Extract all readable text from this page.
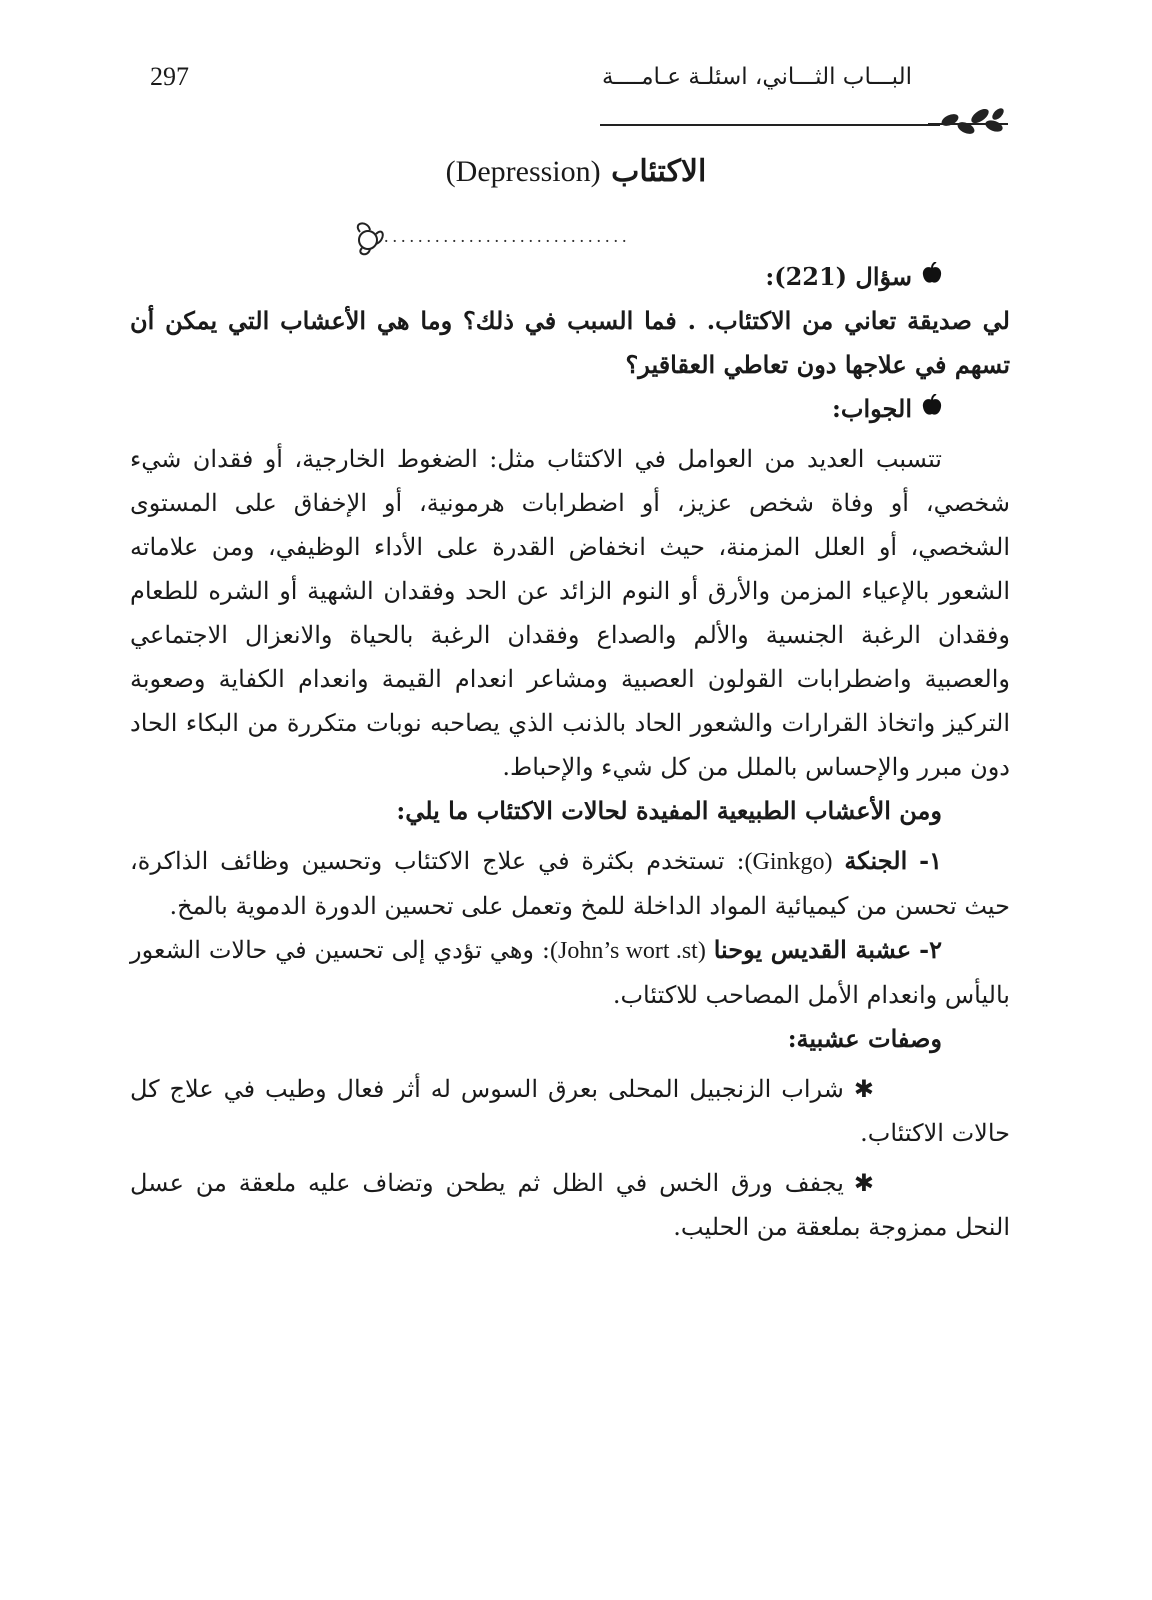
297	البـــاب الثـــاني، اسئلـة عـامــــة
الاكتئاب (Depression)
.............................

سؤال (221):

لي صديقة تعاني من الاكتئاب. . فما السبب في ذلك؟ وما هي الأعشاب التي يمكن أن تسهم في علاجها دون تعاطي العقاقير؟

الجواب:

تتسبب العديد من العوامل في الاكتئاب مثل: الضغوط الخارجية، أو فقدان شيء شخصي، أو وفاة شخص عزيز، أو اضطرابات هرمونية، أو الإخفاق على المستوى الشخصي، أو العلل المزمنة، حيث انخفاض القدرة على الأداء الوظيفي، ومن علاماته الشعور بالإعياء المزمن والأرق أو النوم الزائد عن الحد وفقدان الشهية أو الشره للطعام وفقدان الرغبة الجنسية والألم والصداع وفقدان الرغبة بالحياة والانعزال الاجتماعي والعصبية واضطرابات القولون العصبية ومشاعر انعدام القيمة وانعدام الكفاية وصعوبة التركيز واتخاذ القرارات والشعور الحاد بالذنب الذي يصاحبه نوبات متكررة من البكاء الحاد دون مبرر والإحساس بالملل من كل شيء والإحباط.

ومن الأعشاب الطبيعية المفيدة لحالات الاكتئاب ما يلي:

١- الجنكة (Ginkgo): تستخدم بكثرة في علاج الاكتئاب وتحسين وظائف الذاكرة، حيث تحسن من كيميائية المواد الداخلة للمخ وتعمل على تحسين الدورة الدموية بالمخ.

٢- عشبة القديس يوحنا (John’s wort .st): وهي تؤدي إلى تحسين في حالات الشعور باليأس وانعدام الأمل المصاحب للاكتئاب.

وصفات عشبية:

✱شراب الزنجبيل المحلى بعرق السوس له أثر فعال وطيب في علاج كل حالات الاكتئاب.

✱يجفف ورق الخس في الظل ثم يطحن وتضاف عليه ملعقة من عسل النحل ممزوجة بملعقة من الحليب.
